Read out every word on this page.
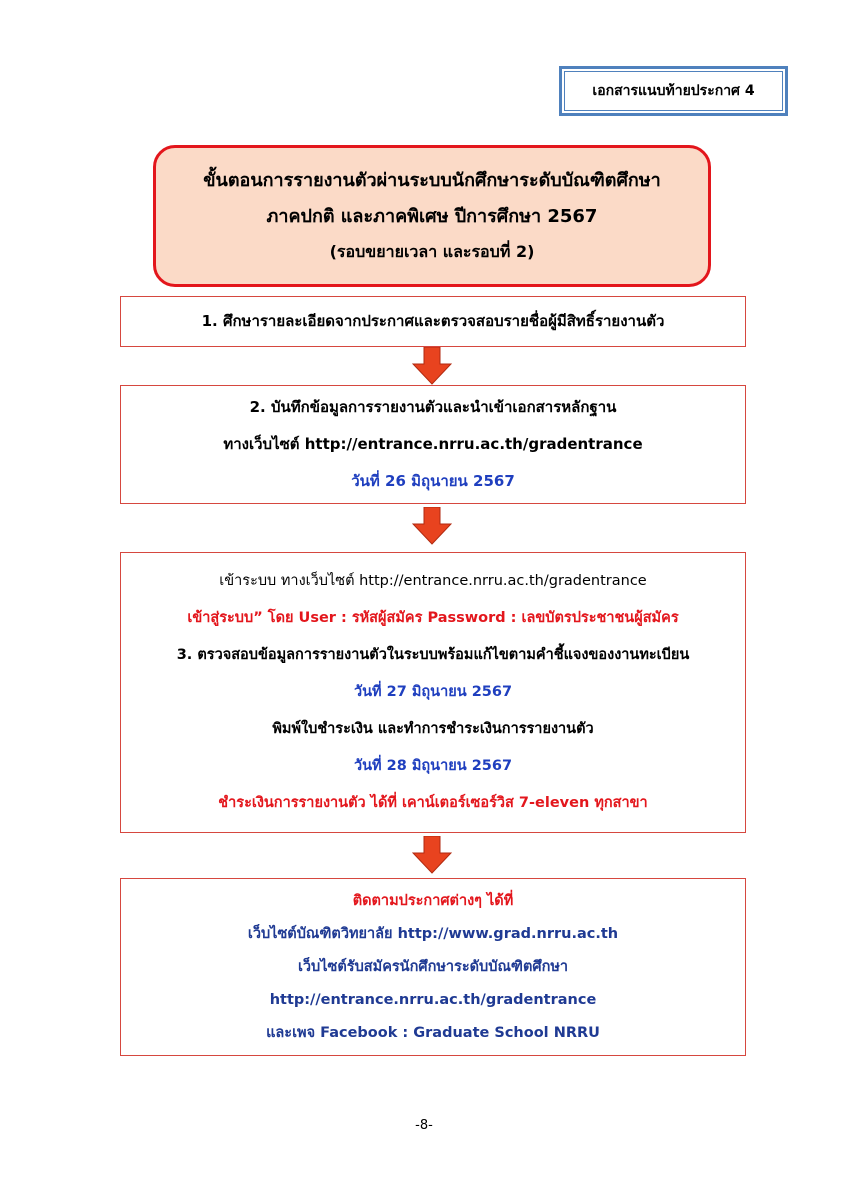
เอกสารแนบท้ายประกาศ 4
ขั้นตอนการรายงานตัวผ่านระบบนักศึกษาระดับบัณฑิตศึกษา
ภาคปกติ และภาคพิเศษ ปีการศึกษา 2567
(รอบขยายเวลา และรอบที่ 2)
1. ศึกษารายละเอียดจากประกาศและตรวจสอบรายชื่อผู้มีสิทธิ์รายงานตัว
2. บันทึกข้อมูลการรายงานตัวและนำเข้าเอกสารหลักฐาน
ทางเว็บไซต์ http://entrance.nrru.ac.th/gradentrance
วันที่ 26 มิถุนายน 2567
เข้าระบบ ทางเว็บไซต์ http://entrance.nrru.ac.th/gradentrance
เข้าสู่ระบบ” โดย User : รหัสผู้สมัคร Password : เลขบัตรประชาชนผู้สมัคร
3. ตรวจสอบข้อมูลการรายงานตัวในระบบพร้อมแก้ไขตามคำชี้แจงของงานทะเบียน
วันที่ 27 มิถุนายน 2567
พิมพ์ใบชำระเงิน และทำการชำระเงินการรายงานตัว
วันที่ 28 มิถุนายน 2567
ชำระเงินการรายงานตัว ได้ที่ เคาน์เตอร์เซอร์วิส 7-eleven ทุกสาขา
ติดตามประกาศต่างๆ ได้ที่
เว็บไซต์บัณฑิตวิทยาลัย http://www.grad.nrru.ac.th
เว็บไซต์รับสมัครนักศึกษาระดับบัณฑิตศึกษา
http://entrance.nrru.ac.th/gradentrance
และเพจ Facebook : Graduate School NRRU
-8-
